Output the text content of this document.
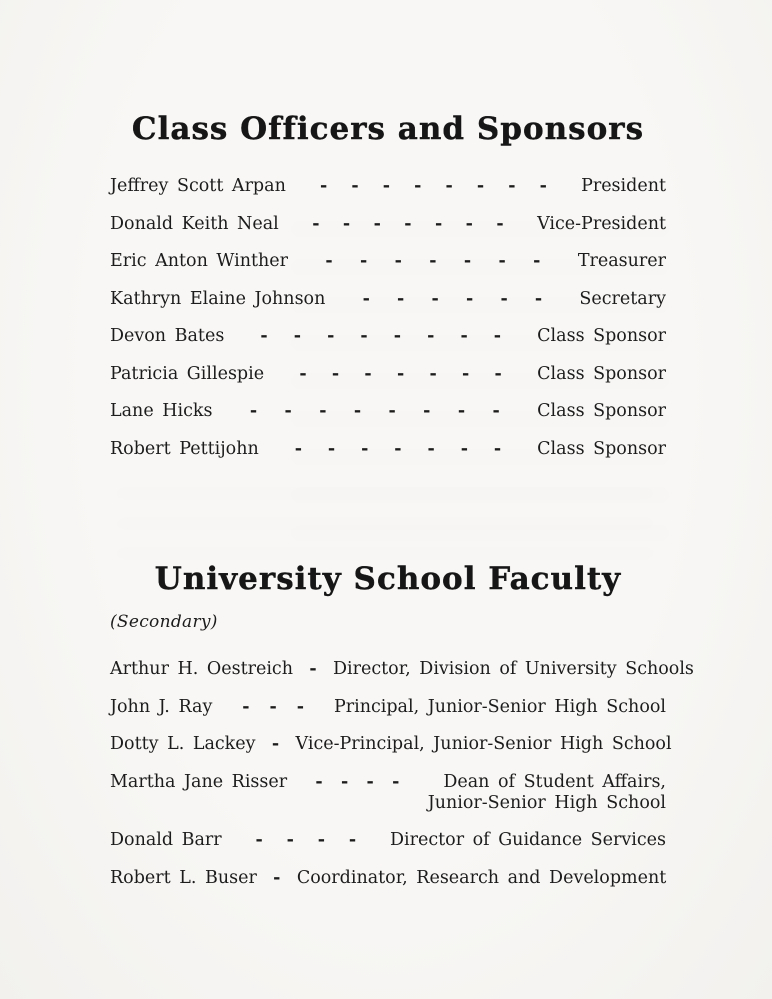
Class Officers and Sponsors
Jeffrey Scott Arpan - - - - - - - - President
Donald Keith Neal - - - - - - - Vice-President
Eric Anton Winther - - - - - - - Treasurer
Kathryn Elaine Johnson - - - - - - Secretary
Devon Bates - - - - - - - - Class Sponsor
Patricia Gillespie - - - - - - - Class Sponsor
Lane Hicks - - - - - - - - Class Sponsor
Robert Pettijohn - - - - - - - Class Sponsor
University School Faculty
(Secondary)
Arthur H. Oestreich - Director, Division of University Schools
John J. Ray - - - Principal, Junior-Senior High School
Dotty L. Lackey - Vice-Principal, Junior-Senior High School
Martha Jane Risser - - - -	Dean of Student Affairs,
Junior-Senior High School
Donald Barr - - - - Director of Guidance Services
Robert L. Buser - Coordinator, Research and Development
